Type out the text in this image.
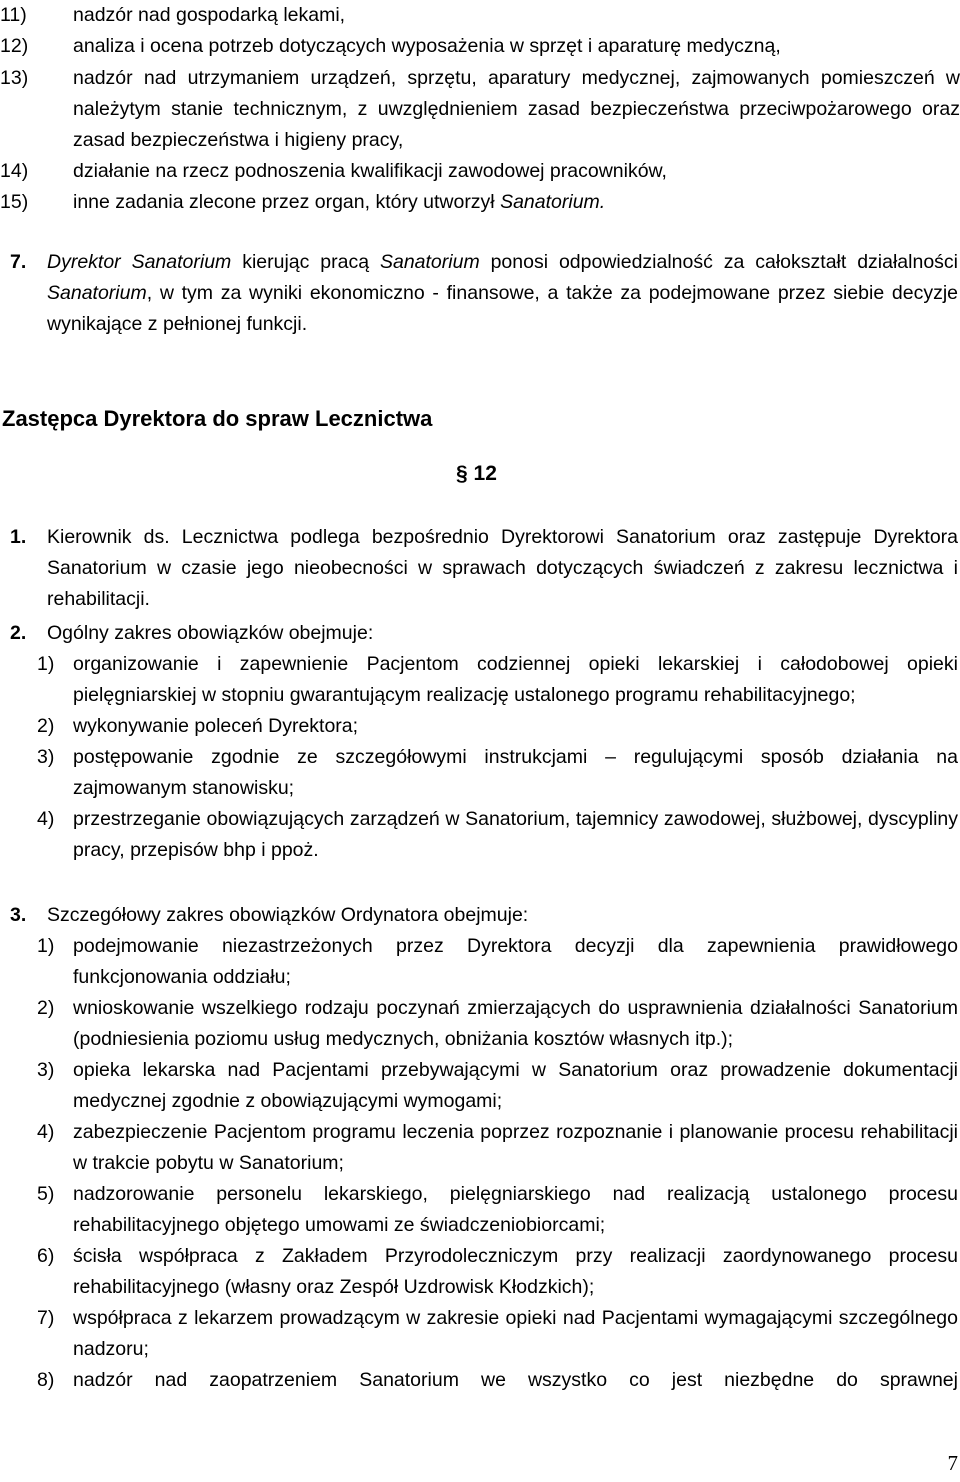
11) nadzór nad gospodarką lekami,
12) analiza i ocena potrzeb dotyczących wyposażenia w sprzęt i aparaturę medyczną,
13) nadzór nad utrzymaniem urządzeń, sprzętu, aparatury medycznej, zajmowanych pomieszczeń w należytym stanie technicznym, z uwzględnieniem zasad bezpieczeństwa przeciwpożarowego oraz zasad bezpieczeństwa i higieny pracy,
14) działanie na rzecz podnoszenia kwalifikacji zawodowej pracowników,
15) inne zadania zlecone przez organ, który utworzył Sanatorium.
7. Dyrektor Sanatorium kierując pracą Sanatorium ponosi odpowiedzialność za całokształt działalności Sanatorium, w tym za wyniki ekonomiczno - finansowe, a także za podejmowane przez siebie decyzje wynikające z pełnionej funkcji.
Zastępca Dyrektora do spraw Lecznictwa
§ 12
1. Kierownik ds. Lecznictwa podlega bezpośrednio Dyrektorowi Sanatorium oraz zastępuje Dyrektora Sanatorium w czasie jego nieobecności w sprawach dotyczących świadczeń z zakresu lecznictwa i rehabilitacji.
2. Ogólny zakres obowiązków obejmuje:
1) organizowanie i zapewnienie Pacjentom codziennej opieki lekarskiej i całodobowej opieki pielęgniarskiej w stopniu gwarantującym realizację ustalonego programu rehabilitacyjnego;
2) wykonywanie poleceń Dyrektora;
3) postępowanie zgodnie ze szczegółowymi instrukcjami – regulującymi sposób działania na zajmowanym stanowisku;
4) przestrzeganie obowiązujących zarządzeń w Sanatorium, tajemnicy zawodowej, służbowej, dyscypliny pracy, przepisów bhp i ppoż.
3. Szczegółowy zakres obowiązków Ordynatora obejmuje:
1) podejmowanie niezastrzeżonych przez Dyrektora decyzji dla zapewnienia prawidłowego funkcjonowania oddziału;
2) wnioskowanie wszelkiego rodzaju poczynań zmierzających do usprawnienia działalności Sanatorium (podniesienia poziomu usług medycznych, obniżania kosztów własnych itp.);
3) opieka lekarska nad Pacjentami przebywającymi w Sanatorium oraz prowadzenie dokumentacji medycznej zgodnie z obowiązującymi wymogami;
4) zabezpieczenie Pacjentom programu leczenia poprzez rozpoznanie i planowanie procesu rehabilitacji w trakcie pobytu w Sanatorium;
5) nadzorowanie personelu lekarskiego, pielęgniarskiego nad realizacją ustalonego procesu rehabilitacyjnego objętego umowami ze świadczeniobiorcami;
6) ścisła współpraca z Zakładem Przyrodoleczniczym przy realizacji zaordynowanego procesu rehabilitacyjnego (własny oraz Zespół Uzdrowisk Kłodzkich);
7) współpraca z lekarzem prowadzącym w zakresie opieki nad Pacjentami wymagającymi szczególnego nadzoru;
8) nadzór nad zaopatrzeniem Sanatorium we wszystko co jest niezbędne do sprawnej
7
